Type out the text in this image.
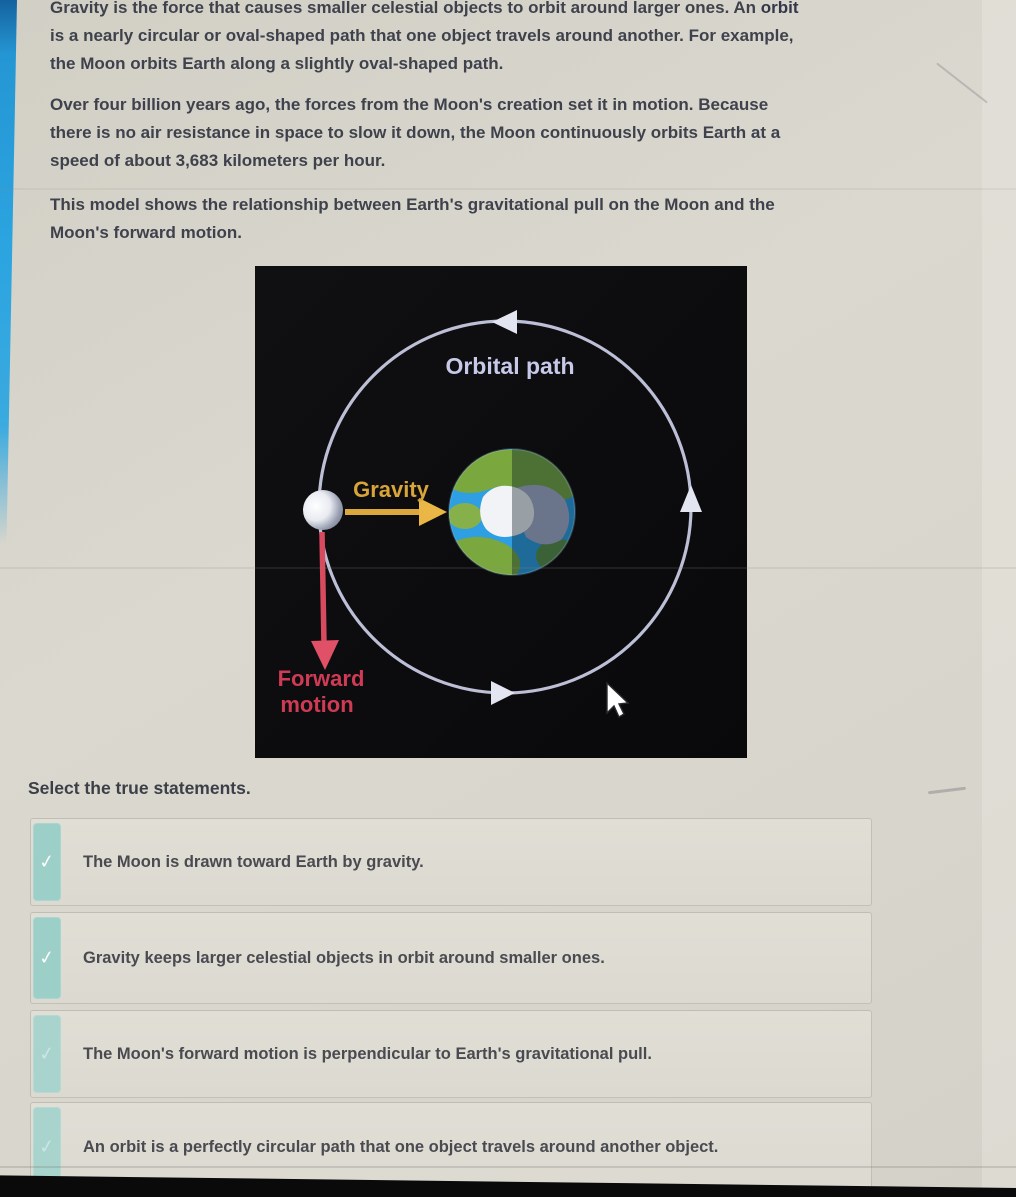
Gravity is the force that causes smaller celestial objects to orbit around larger ones. An orbit
is a nearly circular or oval-shaped path that one object travels around another. For example,
the Moon orbits Earth along a slightly oval-shaped path.
Over four billion years ago, the forces from the Moon's creation set it in motion. Because
there is no air resistance in space to slow it down, the Moon continuously orbits Earth at a
speed of about 3,683 kilometers per hour.
This model shows the relationship between Earth's gravitational pull on the Moon and the
Moon's forward motion.
Orbital path
Gravity
Forward
motion
Select the true statements.
✓	The Moon is drawn toward Earth by gravity.
✓	Gravity keeps larger celestial objects in orbit around smaller ones.
✓	The Moon's forward motion is perpendicular to Earth's gravitational pull.
✓	An orbit is a perfectly circular path that one object travels around another object.
